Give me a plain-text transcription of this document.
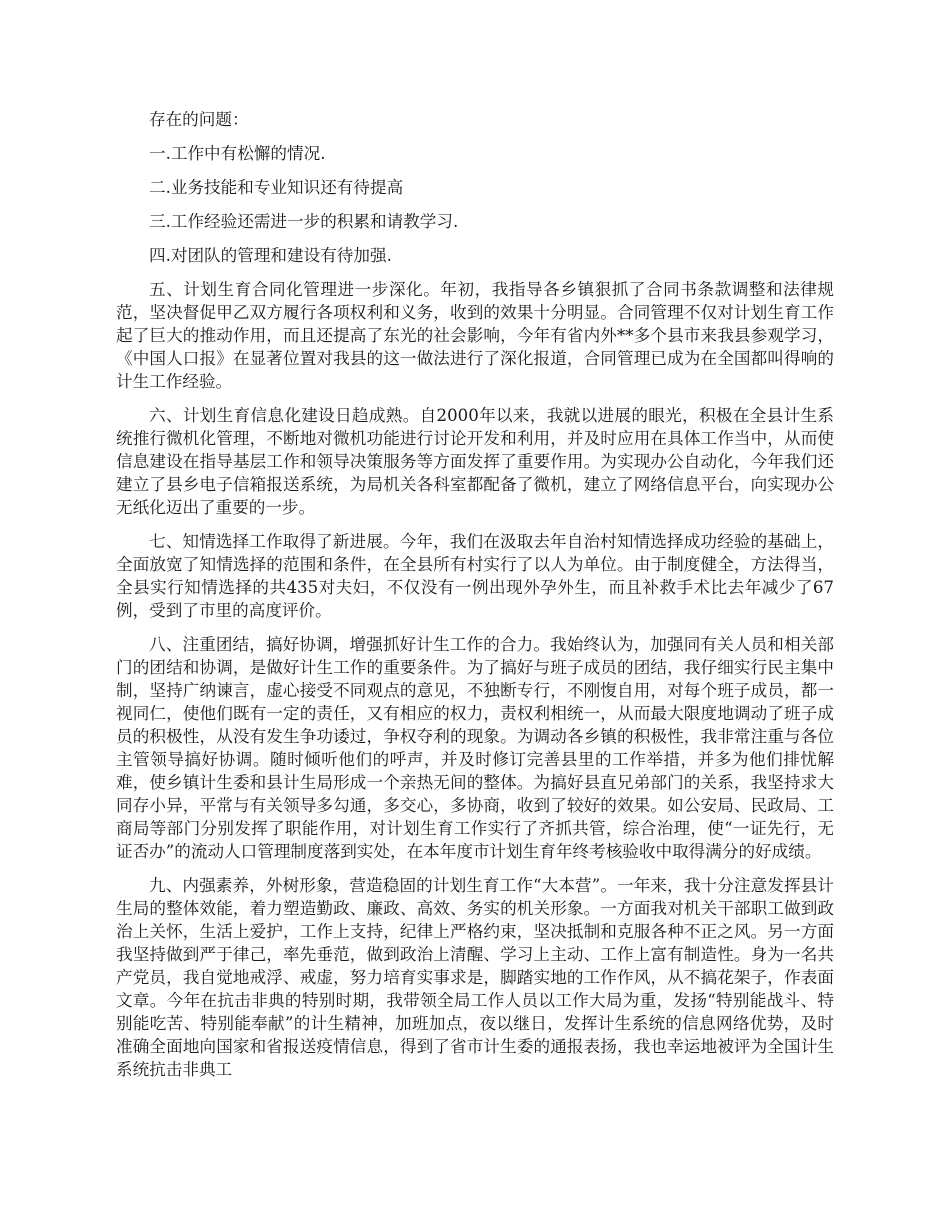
存在的问题：

一.工作中有松懈的情况.

二.业务技能和专业知识还有待提高

三.工作经验还需进一步的积累和请教学习.

四.对团队的管理和建设有待加强.

五、计划生育合同化管理进一步深化。年初，我指导各乡镇狠抓了合同书条款调整和法律规范，坚决督促甲乙双方履行各项权利和义务，收到的效果十分明显。合同管理不仅对计划生育工作起了巨大的推动作用，而且还提高了东光的社会影响，今年有省内外**多个县市来我县参观学习，《中国人口报》在显著位置对我县的这一做法进行了深化报道，合同管理已成为在全国都叫得响的计生工作经验。

六、计划生育信息化建设日趋成熟。自2000年以来，我就以进展的眼光，积极在全县计生系统推行微机化管理，不断地对微机功能进行讨论开发和利用，并及时应用在具体工作当中，从而使信息建设在指导基层工作和领导决策服务等方面发挥了重要作用。为实现办公自动化，今年我们还建立了县乡电子信箱报送系统，为局机关各科室都配备了微机，建立了网络信息平台，向实现办公无纸化迈出了重要的一步。

七、知情选择工作取得了新进展。今年，我们在汲取去年自治村知情选择成功经验的基础上，全面放宽了知情选择的范围和条件，在全县所有村实行了以人为单位。由于制度健全，方法得当，全县实行知情选择的共435对夫妇，不仅没有一例出现外孕外生，而且补救手术比去年减少了67例，受到了市里的高度评价。

八、注重团结，搞好协调，增强抓好计生工作的合力。我始终认为，加强同有关人员和相关部门的团结和协调，是做好计生工作的重要条件。为了搞好与班子成员的团结，我仔细实行民主集中制，坚持广纳谏言，虚心接受不同观点的意见，不独断专行，不刚愎自用，对每个班子成员，都一视同仁，使他们既有一定的责任，又有相应的权力，责权利相统一，从而最大限度地调动了班子成员的积极性，从没有发生争功诿过，争权夺利的现象。为调动各乡镇的积极性，我非常注重与各位主管领导搞好协调。随时倾听他们的呼声，并及时修订完善县里的工作举措，并多为他们排忧解难，使乡镇计生委和县计生局形成一个亲热无间的整体。为搞好县直兄弟部门的关系，我坚持求大同存小异，平常与有关领导多勾通，多交心，多协商，收到了较好的效果。如公安局、民政局、工商局等部门分别发挥了职能作用，对计划生育工作实行了齐抓共管，综合治理，使“一证先行，无证否办”的流动人口管理制度落到实处，在本年度市计划生育年终考核验收中取得满分的好成绩。

九、内强素养，外树形象，营造稳固的计划生育工作“大本营”。一年来，我十分注意发挥县计生局的整体效能，着力塑造勤政、廉政、高效、务实的机关形象。一方面我对机关干部职工做到政治上关怀，生活上爱护，工作上支持，纪律上严格约束，坚决抵制和克服各种不正之风。另一方面我坚持做到严于律己，率先垂范，做到政治上清醒、学习上主动、工作上富有制造性。身为一名共产党员，我自觉地戒浮、戒虚，努力培育实事求是，脚踏实地的工作作风，从不搞花架子，作表面文章。今年在抗击非典的特别时期，我带领全局工作人员以工作大局为重，发扬“特别能战斗、特别能吃苦、特别能奉献”的计生精神，加班加点，夜以继日，发挥计生系统的信息网络优势，及时准确全面地向国家和省报送疫情信息，得到了省市计生委的通报表扬，我也幸运地被评为全国计生系统抗击非典工
